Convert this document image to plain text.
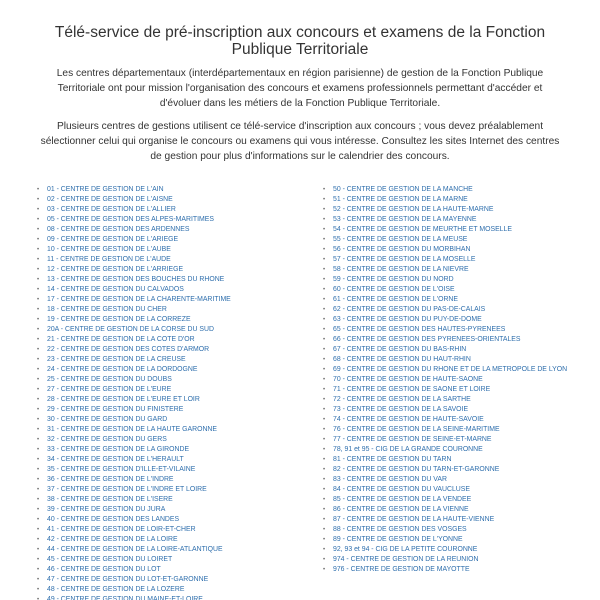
Télé-service de pré-inscription aux concours et examens de la Fonction Publique Territoriale

Les centres départementaux (interdépartementaux en région parisienne) de gestion de la Fonction Publique Territoriale ont pour mission l'organisation des concours et examens professionnels permettant d'accéder et d'évoluer dans les métiers de la Fonction Publique Territoriale.

Plusieurs centres de gestions utilisent ce télé-service d'inscription aux concours ; vous devez préalablement sélectionner celui qui organise le concours ou examens qui vous intéresse. Consultez les sites Internet des centres de gestion pour plus d'informations sur le calendrier des concours.

•	01 - CENTRE DE GESTION DE L'AIN
•	02 - CENTRE DE GESTION DE L'AISNE
•	03 - CENTRE DE GESTION DE L'ALLIER
•	05 - CENTRE DE GESTION DES ALPES-MARITIMES
•	08 - CENTRE DE GESTION DES ARDENNES
•	09 - CENTRE DE GESTION DE L'ARIEGE
•	10 - CENTRE DE GESTION DE L'AUBE
•	11 - CENTRE DE GESTION DE L'AUDE
•	12 - CENTRE DE GESTION DE L'ARRIEGE
•	13 - CENTRE DE GESTION DES BOUCHES DU RHONE
•	14 - CENTRE DE GESTION DU CALVADOS
•	17 - CENTRE DE GESTION DE LA CHARENTE-MARITIME
•	18 - CENTRE DE GESTION DU CHER
•	19 - CENTRE DE GESTION DE LA CORREZE
•	20A - CENTRE DE GESTION DE LA CORSE DU SUD
•	21 - CENTRE DE GESTION DE LA COTE D'OR
•	22 - CENTRE DE GESTION DES COTES D'ARMOR
•	23 - CENTRE DE GESTION DE LA CREUSE
•	24 - CENTRE DE GESTION DE LA DORDOGNE
•	25 - CENTRE DE GESTION DU DOUBS
•	27 - CENTRE DE GESTION DE L'EURE
•	28 - CENTRE DE GESTION DE L'EURE ET LOIR
•	29 - CENTRE DE GESTION DU FINISTERE
•	30 - CENTRE DE GESTION DU GARD
•	31 - CENTRE DE GESTION DE LA HAUTE GARONNE
•	32 - CENTRE DE GESTION DU GERS
•	33 - CENTRE DE GESTION DE LA GIRONDE
•	34 - CENTRE DE GESTION DE L'HERAULT
•	35 - CENTRE DE GESTION D'ILLE-ET-VILAINE
•	36 - CENTRE DE GESTION DE L'INDRE
•	37 - CENTRE DE GESTION DE L'INDRE ET LOIRE
•	38 - CENTRE DE GESTION DE L'ISERE
•	39 - CENTRE DE GESTION DU JURA
•	40 - CENTRE DE GESTION DES LANDES
•	41 - CENTRE DE GESTION DE LOIR-ET-CHER
•	42 - CENTRE DE GESTION DE LA LOIRE
•	44 - CENTRE DE GESTION DE LA LOIRE-ATLANTIQUE
•	45 - CENTRE DE GESTION DU LOIRET
•	46 - CENTRE DE GESTION DU LOT
•	47 - CENTRE DE GESTION DU LOT-ET-GARONNE
•	48 - CENTRE DE GESTION DE LA LOZERE
•	49 - CENTRE DE GESTION DU MAINE-ET-LOIRE
•	50 - CENTRE DE GESTION DE LA MANCHE
•	51 - CENTRE DE GESTION DE LA MARNE
•	52 - CENTRE DE GESTION DE LA HAUTE-MARNE
•	53 - CENTRE DE GESTION DE LA MAYENNE
•	54 - CENTRE DE GESTION DE MEURTHE ET MOSELLE
•	55 - CENTRE DE GESTION DE LA MEUSE
•	56 - CENTRE DE GESTION DU MORBIHAN
•	57 - CENTRE DE GESTION DE LA MOSELLE
•	58 - CENTRE DE GESTION DE LA NIEVRE
•	59 - CENTRE DE GESTION DU NORD
•	60 - CENTRE DE GESTION DE L'OISE
•	61 - CENTRE DE GESTION DE L'ORNE
•	62 - CENTRE DE GESTION DU PAS-DE-CALAIS
•	63 - CENTRE DE GESTION DU PUY-DE-DOME
•	65 - CENTRE DE GESTION DES HAUTES-PYRENEES
•	66 - CENTRE DE GESTION DES PYRENEES-ORIENTALES
•	67 - CENTRE DE GESTION DU BAS-RHIN
•	68 - CENTRE DE GESTION DU HAUT-RHIN
•	69 - CENTRE DE GESTION DU RHONE ET DE LA METROPOLE DE LYON
•	70 - CENTRE DE GESTION DE HAUTE-SAONE
•	71 - CENTRE DE GESTION DE SAONE ET LOIRE
•	72 - CENTRE DE GESTION DE LA SARTHE
•	73 - CENTRE DE GESTION DE LA SAVOIE
•	74 - CENTRE DE GESTION DE HAUTE-SAVOIE
•	76 - CENTRE DE GESTION DE LA SEINE-MARITIME
•	77 - CENTRE DE GESTION DE SEINE-ET-MARNE
•	78, 91 et 95 - CIG DE LA GRANDE COURONNE
•	81 - CENTRE DE GESTION DU TARN
•	82 - CENTRE DE GESTION DU TARN-ET-GARONNE
•	83 - CENTRE DE GESTION DU VAR
•	84 - CENTRE DE GESTION DU VAUCLUSE
•	85 - CENTRE DE GESTION DE LA VENDEE
•	86 - CENTRE DE GESTION DE LA VIENNE
•	87 - CENTRE DE GESTION DE LA HAUTE-VIENNE
•	88 - CENTRE DE GESTION DES VOSGES
•	89 - CENTRE DE GESTION DE L'YONNE
•	92, 93 et 94 - CIG DE LA PETITE COURONNE
•	974 - CENTRE DE GESTION DE LA REUNION
•	976 - CENTRE DE GESTION DE MAYOTTE
